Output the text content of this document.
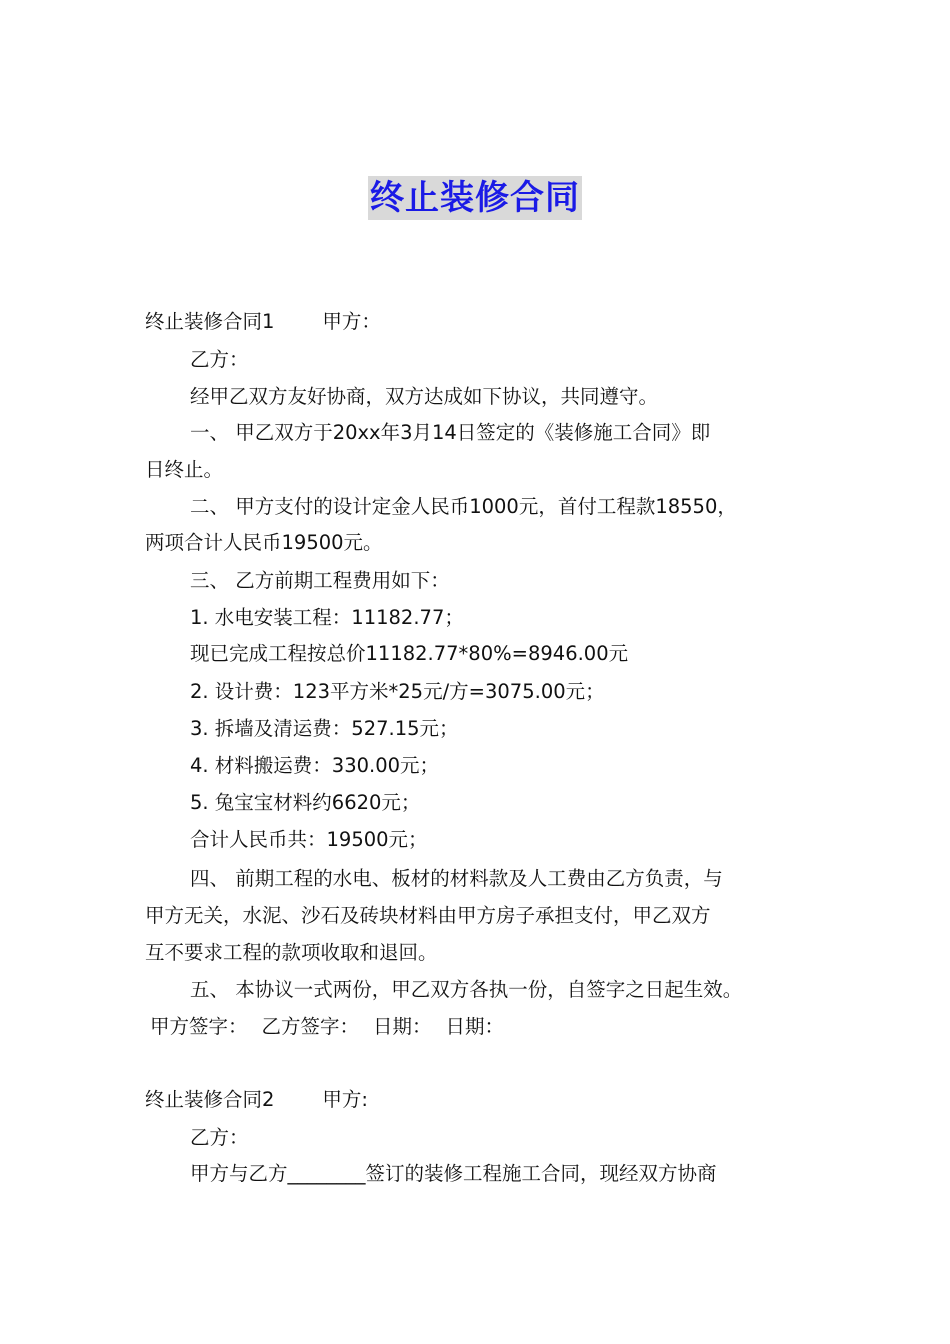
终止装修合同
终止装修合同1 甲方：
乙方：
经甲乙双方友好协商，双方达成如下协议，共同遵守。
一、 甲乙双方于20xx年3月14日签定的《装修施工合同》即
日终止。
二、 甲方支付的设计定金人民币1000元，首付工程款18550，
两项合计人民币19500元。
三、 乙方前期工程费用如下：
1. 水电安装工程：11182.77；
现已完成工程按总价11182.77*80%=8946.00元
2. 设计费：123平方米*25元/方=3075.00元；
3. 拆墙及清运费：527.15元；
4. 材料搬运费：330.00元；
5. 兔宝宝材料约6620元；
合计人民币共：19500元；
四、 前期工程的水电、板材的材料款及人工费由乙方负责，与
甲方无关，水泥、沙石及砖块材料由甲方房子承担支付，甲乙双方
互不要求工程的款项收取和退回。
五、 本协议一式两份，甲乙双方各执一份，自签字之日起生效。
甲方签字： 乙方签字： 日期： 日期：
终止装修合同2 甲方:
乙方：
甲方与乙方________签订的装修工程施工合同，现经双方协商
